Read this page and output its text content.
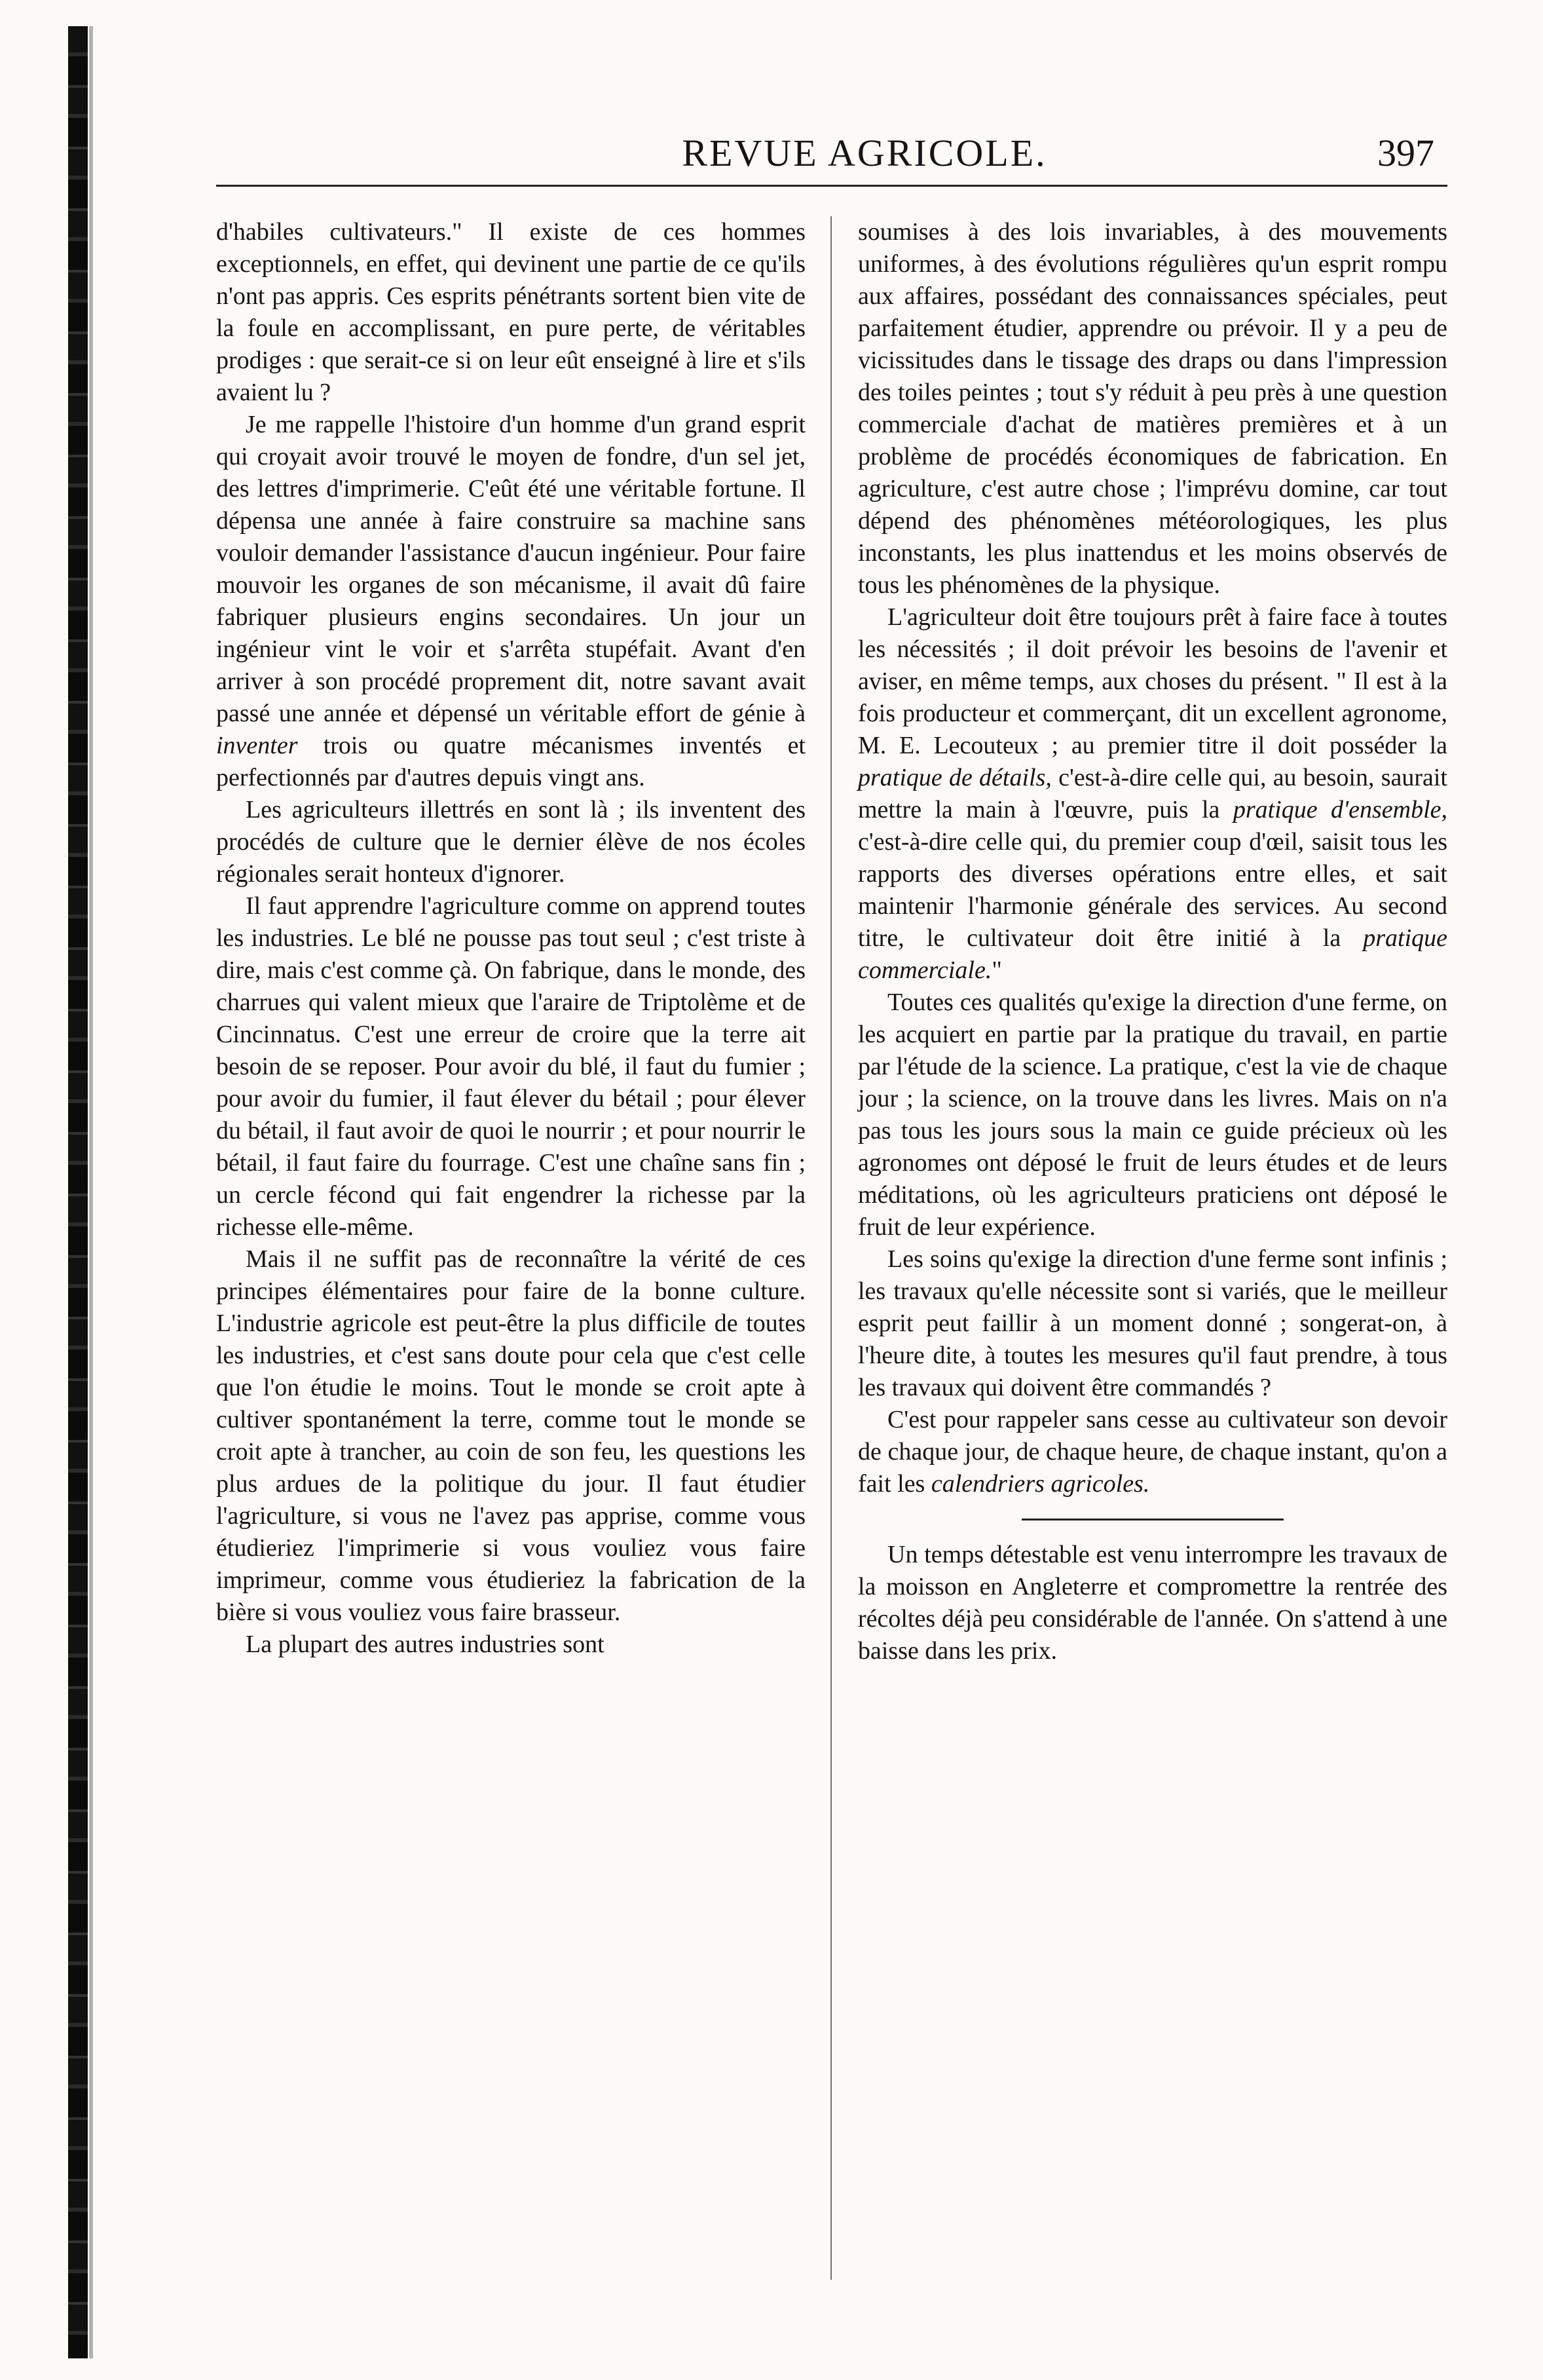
REVUE AGRICOLE.	397

d'habiles cultivateurs." Il existe de ces hommes exceptionnels, en effet, qui devinent une partie de ce qu'ils n'ont pas appris. Ces esprits pénétrants sortent bien vite de la foule en accomplissant, en pure perte, de véritables prodiges : que serait-ce si on leur eût enseigné à lire et s'ils avaient lu ?

Je me rappelle l'histoire d'un homme d'un grand esprit qui croyait avoir trouvé le moyen de fondre, d'un sel jet, des lettres d'imprimerie. C'eût été une véritable fortune. Il dépensa une année à faire construire sa machine sans vouloir demander l'assistance d'aucun ingénieur. Pour faire mouvoir les organes de son mécanisme, il avait dû faire fabriquer plusieurs engins secondaires. Un jour un ingénieur vint le voir et s'arrêta stupéfait. Avant d'en arriver à son procédé proprement dit, notre savant avait passé une année et dépensé un véritable effort de génie à inventer trois ou quatre mécanismes inventés et perfectionnés par d'autres depuis vingt ans.

Les agriculteurs illettrés en sont là ; ils inventent des procédés de culture que le dernier élève de nos écoles régionales serait honteux d'ignorer.

Il faut apprendre l'agriculture comme on apprend toutes les industries. Le blé ne pousse pas tout seul ; c'est triste à dire, mais c'est comme çà. On fabrique, dans le monde, des charrues qui valent mieux que l'araire de Triptolème et de Cincinnatus. C'est une erreur de croire que la terre ait besoin de se reposer. Pour avoir du blé, il faut du fumier ; pour avoir du fumier, il faut élever du bétail ; pour élever du bétail, il faut avoir de quoi le nourrir ; et pour nourrir le bétail, il faut faire du fourrage. C'est une chaîne sans fin ; un cercle fécond qui fait engendrer la richesse par la richesse elle-même.

Mais il ne suffit pas de reconnaître la vérité de ces principes élémentaires pour faire de la bonne culture. L'industrie agricole est peut-être la plus difficile de toutes les industries, et c'est sans doute pour cela que c'est celle que l'on étudie le moins. Tout le monde se croit apte à cultiver spontanément la terre, comme tout le monde se croit apte à trancher, au coin de son feu, les questions les plus ardues de la politique du jour. Il faut étudier l'agriculture, si vous ne l'avez pas apprise, comme vous étudieriez l'imprimerie si vous vouliez vous faire imprimeur, comme vous étudieriez la fabrication de la bière si vous vouliez vous faire brasseur.

La plupart des autres industries sont

soumises à des lois invariables, à des mouvements uniformes, à des évolutions régulières qu'un esprit rompu aux affaires, possédant des connaissances spéciales, peut parfaitement étudier, apprendre ou prévoir. Il y a peu de vicissitudes dans le tissage des draps ou dans l'impression des toiles peintes ; tout s'y réduit à peu près à une question commerciale d'achat de matières premières et à un problème de procédés économiques de fabrication. En agriculture, c'est autre chose ; l'imprévu domine, car tout dépend des phénomènes météorologiques, les plus inconstants, les plus inattendus et les moins observés de tous les phénomènes de la physique.

L'agriculteur doit être toujours prêt à faire face à toutes les nécessités ; il doit prévoir les besoins de l'avenir et aviser, en même temps, aux choses du présent. " Il est à la fois producteur et commerçant, dit un excellent agronome, M. E. Lecouteux ; au premier titre il doit posséder la pratique de détails, c'est-à-dire celle qui, au besoin, saurait mettre la main à l'œuvre, puis la pratique d'ensemble, c'est-à-dire celle qui, du premier coup d'œil, saisit tous les rapports des diverses opérations entre elles, et sait maintenir l'harmonie générale des services. Au second titre, le cultivateur doit être initié à la pratique commerciale."

Toutes ces qualités qu'exige la direction d'une ferme, on les acquiert en partie par la pratique du travail, en partie par l'étude de la science. La pratique, c'est la vie de chaque jour ; la science, on la trouve dans les livres. Mais on n'a pas tous les jours sous la main ce guide précieux où les agronomes ont déposé le fruit de leurs études et de leurs méditations, où les agriculteurs praticiens ont déposé le fruit de leur expérience.

Les soins qu'exige la direction d'une ferme sont infinis ; les travaux qu'elle nécessite sont si variés, que le meilleur esprit peut faillir à un moment donné ; songerat-on, à l'heure dite, à toutes les mesures qu'il faut prendre, à tous les travaux qui doivent être commandés ?

C'est pour rappeler sans cesse au cultivateur son devoir de chaque jour, de chaque heure, de chaque instant, qu'on a fait les calendriers agricoles.

Un temps détestable est venu interrompre les travaux de la moisson en Angleterre et compromettre la rentrée des récoltes déjà peu considérable de l'année. On s'attend à une baisse dans les prix.
